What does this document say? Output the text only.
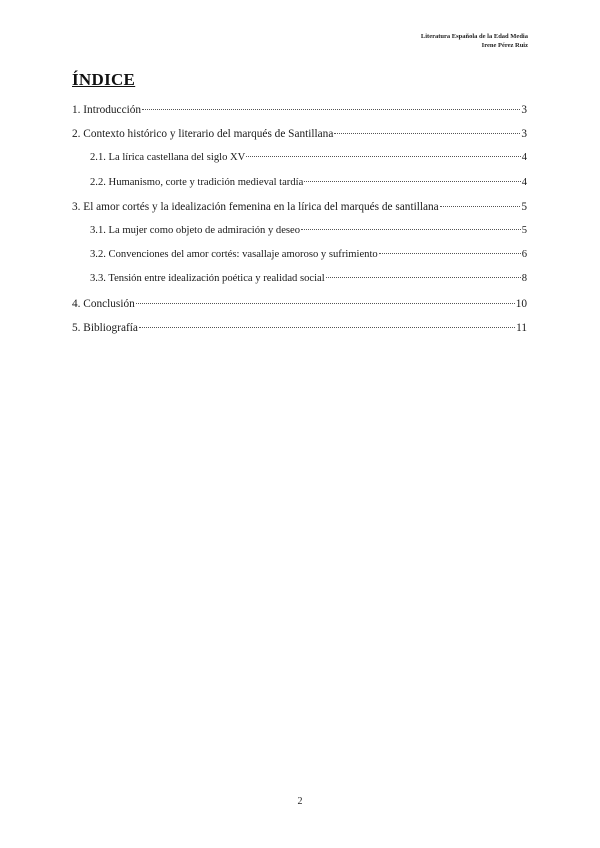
Literatura Española de la Edad Media
Irene Pérez Ruiz
ÍNDICE
1. Introducción	3
2. Contexto histórico y literario del marqués de Santillana	3
2.1. La lírica castellana del siglo XV	4
2.2. Humanismo, corte y tradición medieval tardía	4
3. El amor cortés y la idealización femenina en la lírica del marqués de santillana	5
3.1. La mujer como objeto de admiración y deseo	5
3.2. Convenciones del amor cortés: vasallaje amoroso y sufrimiento	6
3.3. Tensión entre idealización poética y realidad social	8
4. Conclusión	10
5. Bibliografía	11
2
